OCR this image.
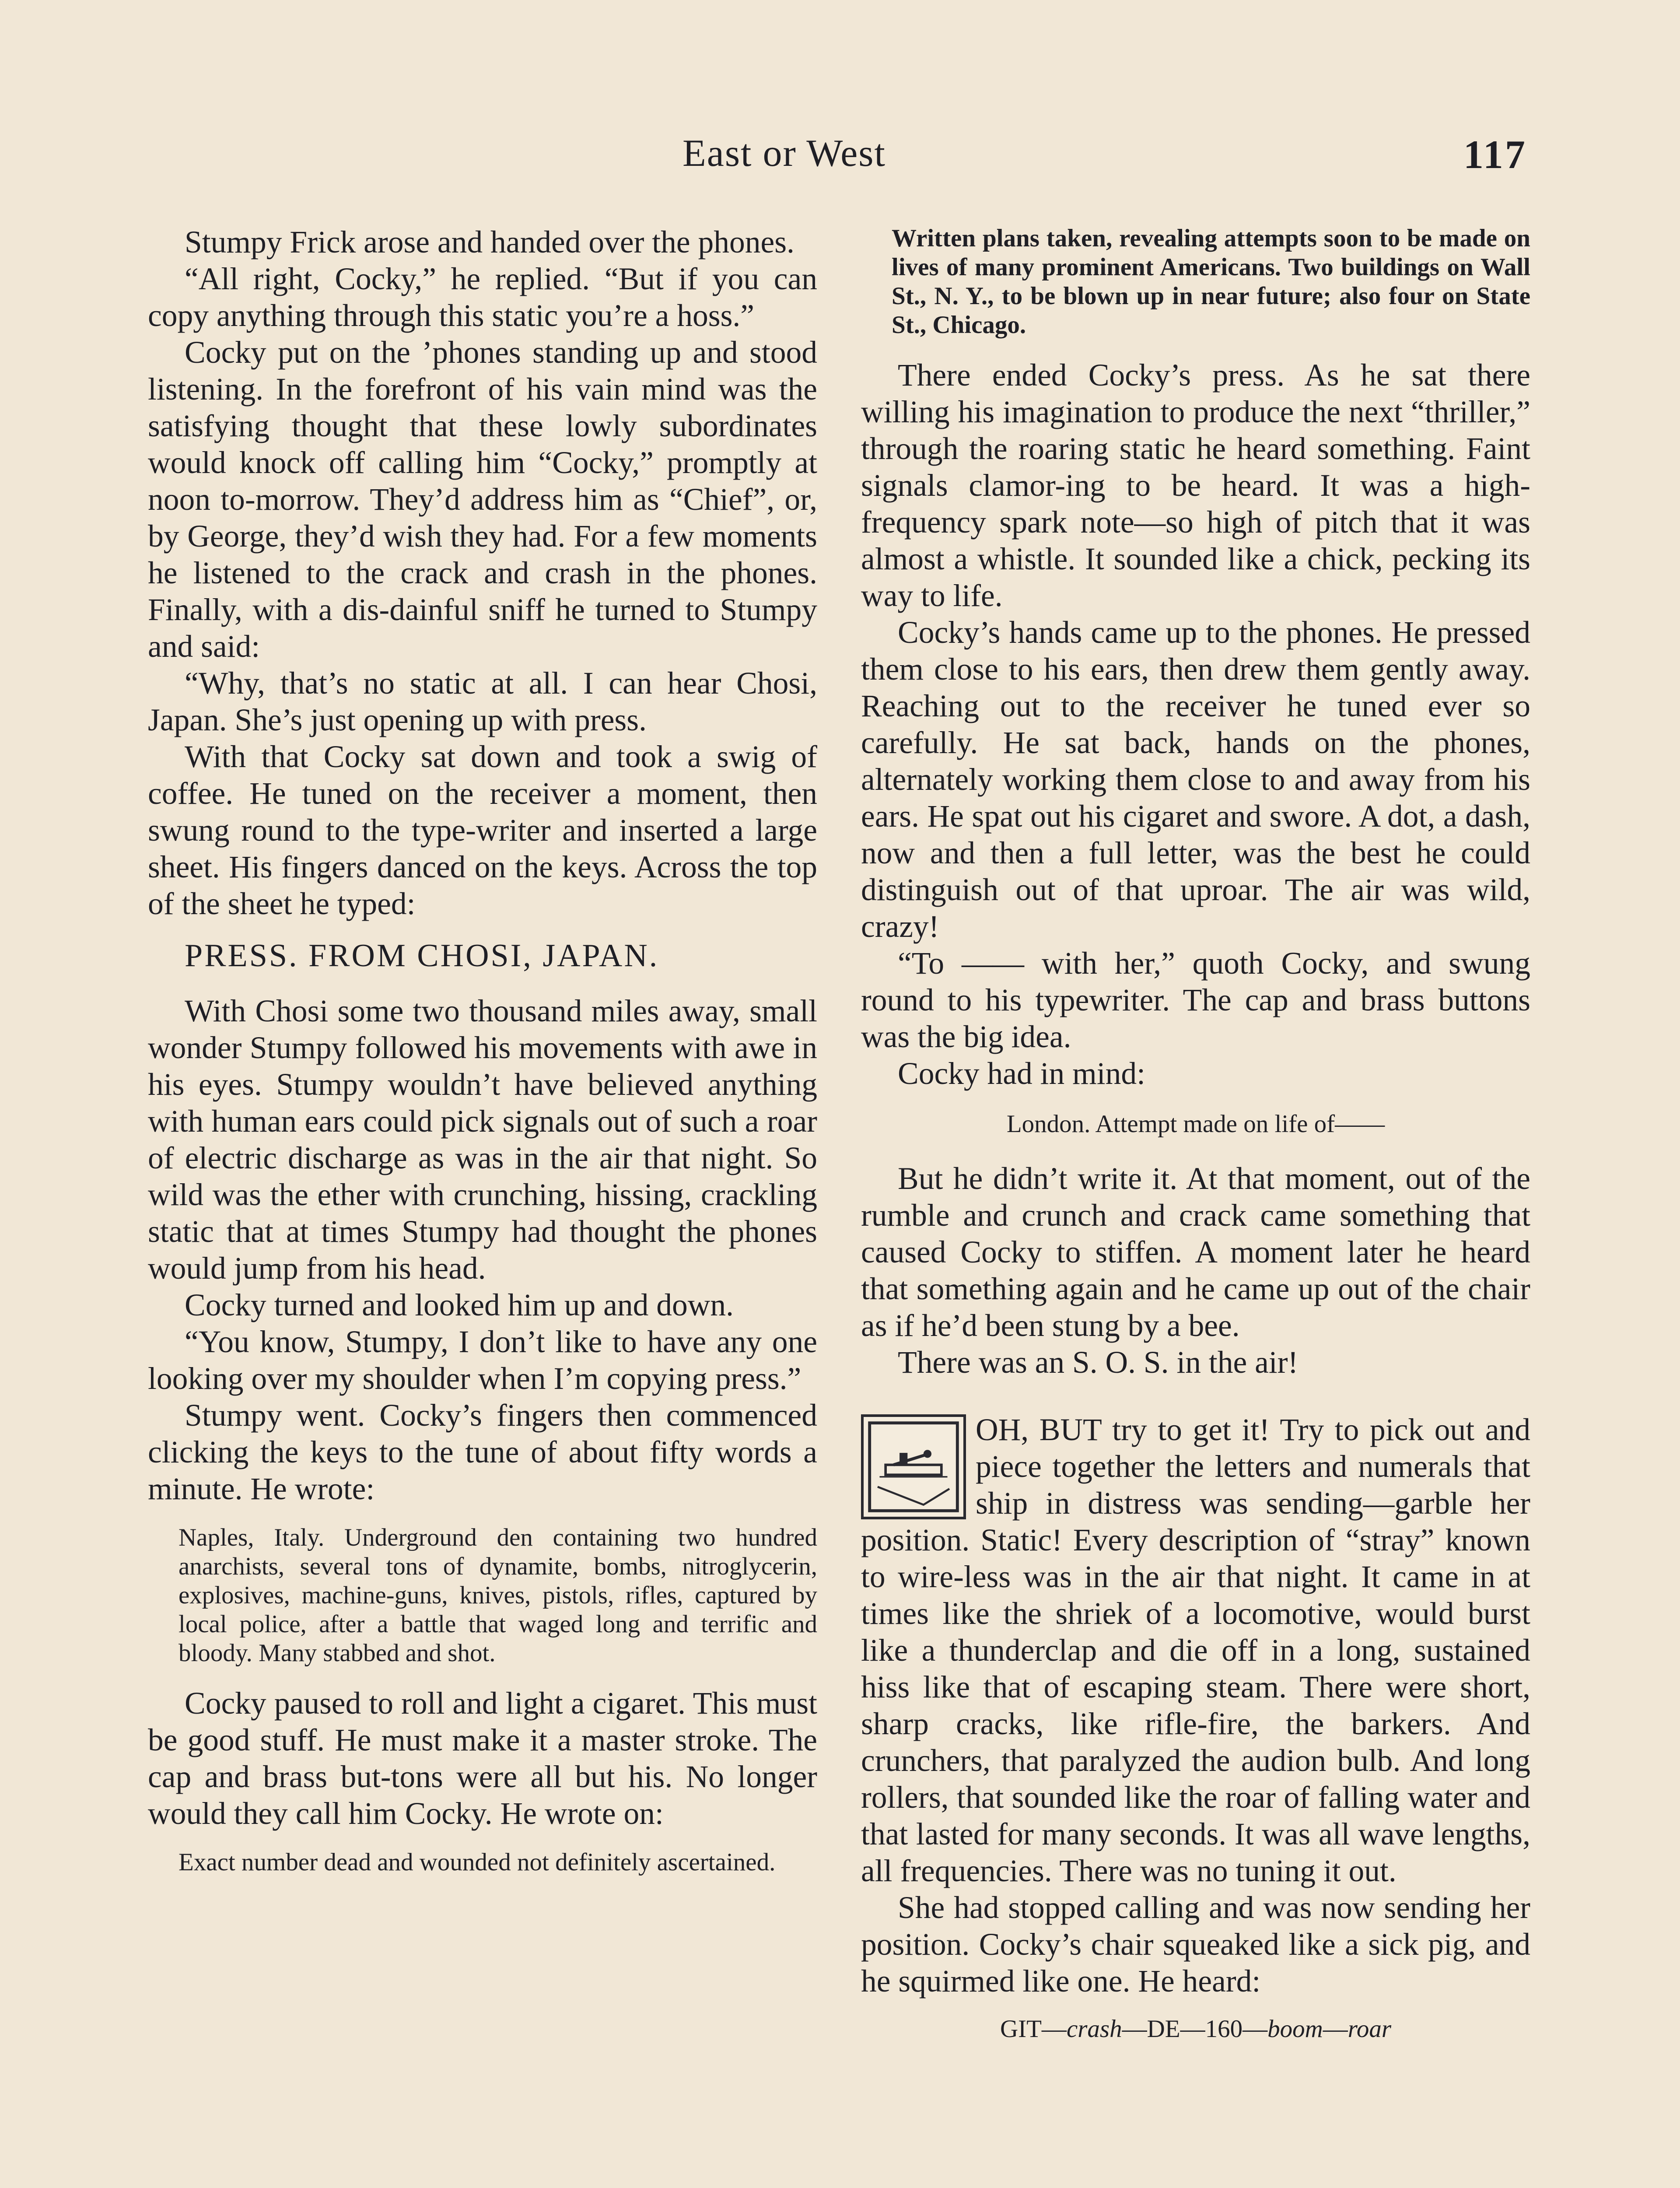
East or West	117

Stumpy Frick arose and handed over the phones.

“All right, Cocky,” he replied. “But if you can copy anything through this static you’re a hoss.”

Cocky put on the ’phones standing up and stood listening. In the forefront of his vain mind was the satisfying thought that these lowly subordinates would knock off calling him “Cocky,” promptly at noon to-morrow. They’d address him as “Chief”, or, by George, they’d wish they had. For a few moments he listened to the crack and crash in the phones. Finally, with a dis-dainful sniff he turned to Stumpy and said:

“Why, that’s no static at all. I can hear Chosi, Japan. She’s just opening up with press.

With that Cocky sat down and took a swig of coffee. He tuned on the receiver a moment, then swung round to the type-writer and inserted a large sheet. His fingers danced on the keys. Across the top of the sheet he typed:

PRESS. FROM CHOSI, JAPAN.

With Chosi some two thousand miles away, small wonder Stumpy followed his movements with awe in his eyes. Stumpy wouldn’t have believed anything with human ears could pick signals out of such a roar of electric discharge as was in the air that night. So wild was the ether with crunching, hissing, crackling static that at times Stumpy had thought the phones would jump from his head.

Cocky turned and looked him up and down.

“You know, Stumpy, I don’t like to have any one looking over my shoulder when I’m copying press.”

Stumpy went. Cocky’s fingers then commenced clicking the keys to the tune of about fifty words a minute. He wrote:

Naples, Italy. Underground den containing two hundred anarchists, several tons of dynamite, bombs, nitroglycerin, explosives, machine-guns, knives, pistols, rifles, captured by local police, after a battle that waged long and terrific and bloody. Many stabbed and shot.

Cocky paused to roll and light a cigaret. This must be good stuff. He must make it a master stroke. The cap and brass but-tons were all but his. No longer would they call him Cocky. He wrote on:

Exact number dead and wounded not definitely ascertained.

Written plans taken, revealing attempts soon to be made on lives of many prominent Americans. Two buildings on Wall St., N. Y., to be blown up in near future; also four on State St., Chicago.

There ended Cocky’s press. As he sat there willing his imagination to produce the next “thriller,” through the roaring static he heard something. Faint signals clamor-ing to be heard. It was a high-frequency spark note—so high of pitch that it was almost a whistle. It sounded like a chick, pecking its way to life.

Cocky’s hands came up to the phones. He pressed them close to his ears, then drew them gently away. Reaching out to the receiver he tuned ever so carefully. He sat back, hands on the phones, alternately working them close to and away from his ears. He spat out his cigaret and swore. A dot, a dash, now and then a full letter, was the best he could distinguish out of that uproar. The air was wild, crazy!

“To —— with her,” quoth Cocky, and swung round to his typewriter. The cap and brass buttons was the big idea.

Cocky had in mind:

London. Attempt made on life of——

But he didn’t write it. At that moment, out of the rumble and crunch and crack came something that caused Cocky to stiffen. A moment later he heard that something again and he came up out of the chair as if he’d been stung by a bee.

There was an S. O. S. in the air!

OH, BUT try to get it! Try to pick out and piece together the letters and numerals that ship in distress was sending—garble her position. Static! Every description of “stray” known to wire-less was in the air that night. It came in at times like the shriek of a locomotive, would burst like a thunderclap and die off in a long, sustained hiss like that of escaping steam. There were short, sharp cracks, like rifle-fire, the barkers. And crunchers, that paralyzed the audion bulb. And long rollers, that sounded like the roar of falling water and that lasted for many seconds. It was all wave lengths, all frequencies. There was no tuning it out.

She had stopped calling and was now sending her position. Cocky’s chair squeaked like a sick pig, and he squirmed like one. He heard:

GIT—crash—DE—160—boom—roar
